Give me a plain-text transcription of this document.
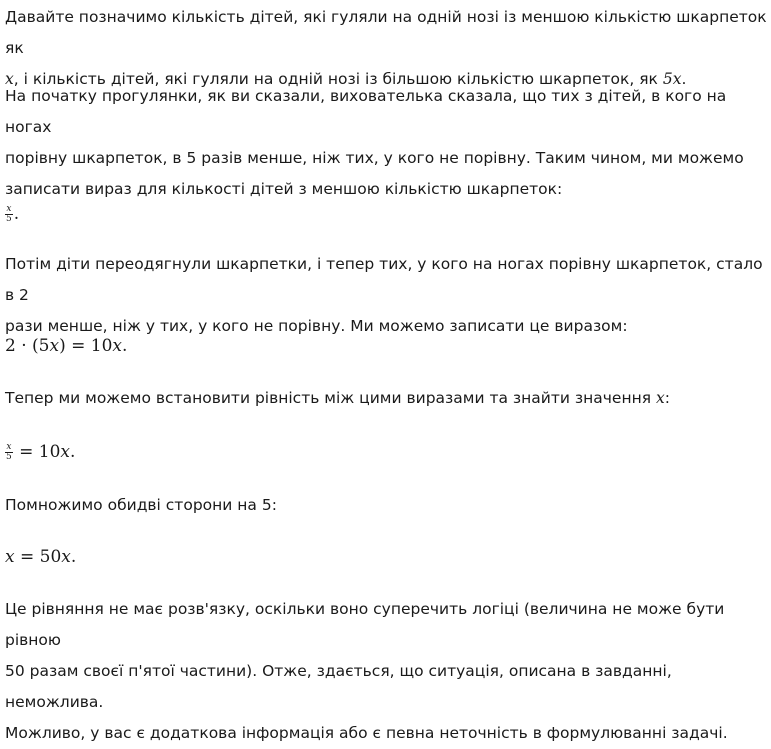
Давайте позначимо кількість дітей, які гуляли на одній нозі із меншою кількістю шкарпеток як
x, і кількість дітей, які гуляли на одній нозі із більшою кількістю шкарпеток, як 5x.
На початку прогулянки, як ви сказали, вихователька сказала, що тих з дітей, в кого на ногах
порівну шкарпеток, в 5 разів менше, ніж тих, у кого не порівну. Таким чином, ми можемо
записати вираз для кількості дітей з меншою кількістю шкарпеток:
$\frac{x}{5}$ .
Потім діти переодягнули шкарпетки, і тепер тих, у кого на ногах порівну шкарпеток, стало в 2
рази менше, ніж у тих, у кого не порівну. Ми можемо записати це виразом:
2 · (5x) = 10x.
Тепер ми можемо встановити рівність між цими виразами та знайти значення x:
$\frac{x}{5} = 10x$.
Помножимо обидві сторони на 5:
x = 50x.
Це рівняння не має розв'язку, оскільки воно суперечить логіці (величина не може бути рівною
50 разам своєї п'ятої частини). Отже, здається, що ситуація, описана в завданні, неможлива.
Можливо, у вас є додаткова інформація або є певна неточність в формулюванні задачі.
